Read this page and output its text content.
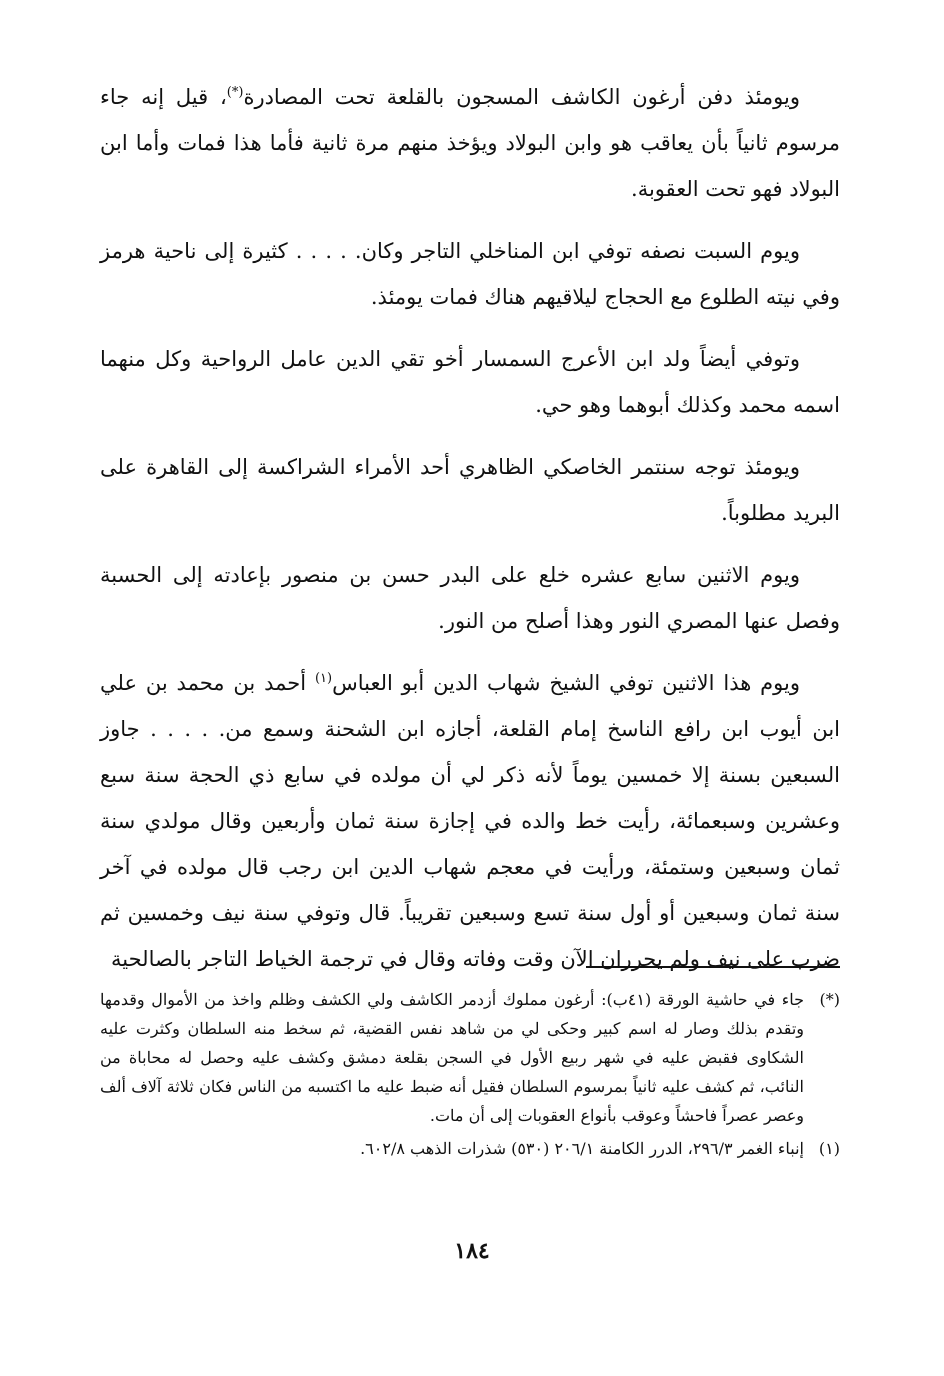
ويومئذ دفن أرغون الكاشف المسجون بالقلعة تحت المصادرة(*)، قيل إنه جاء مرسوم ثانياً بأن يعاقب هو وابن البولاد ويؤخذ منهم مرة ثانية فأما هذا فمات وأما ابن البولاد فهو تحت العقوبة.

ويوم السبت نصفه توفي ابن المناخلي التاجر وكان. . . . . كثيرة إلى ناحية هرمز وفي نيته الطلوع مع الحجاج ليلاقيهم هناك فمات يومئذ.

وتوفي أيضاً ولد ابن الأعرج السمسار أخو تقي الدين عامل الرواحية وكل منهما اسمه محمد وكذلك أبوهما وهو حي.

ويومئذ توجه سنتمر الخاصكي الظاهري أحد الأمراء الشراكسة إلى القاهرة على البريد مطلوباً.

ويوم الاثنين سابع عشره خلع على البدر حسن بن منصور بإعادته إلى الحسبة وفصل عنها المصري النور وهذا أصلح من النور.

ويوم هذا الاثنين توفي الشيخ شهاب الدين أبو العباس$^{(١)}$ أحمد بن محمد بن علي ابن أيوب ابن رافع الناسخ إمام القلعة، أجازه ابن الشحنة وسمع من. . . . . جاوز السبعين بسنة إلا خمسين يوماً لأنه ذكر لي أن مولده في سابع ذي الحجة سنة سبع وعشرين وسبعمائة، رأيت خط والده في إجازة سنة ثمان وأربعين وقال مولدي سنة ثمان وسبعين وستمئة، ورأيت في معجم شهاب الدين ابن رجب قال مولده في آخر سنة ثمان وسبعين أو أول سنة تسع وسبعين تقريباً. قال وتوفي سنة نيف وخمسين ثم ضرب على نيف ولم يحرران الآن وقت وفاته وقال في ترجمة الخياط التاجر بالصالحية

(*)
جاء في حاشية الورقة (٤١ب): أرغون مملوك أزدمر الكاشف ولي الكشف وظلم واخذ من الأموال وقدمها وتقدم بذلك وصار له اسم كبير وحكى لي من شاهد نفس القضية، ثم سخط منه السلطان وكثرت عليه الشكاوى فقبض عليه في شهر ربيع الأول في السجن بقلعة دمشق وكشف عليه وحصل له محاباة من النائب، ثم كشف عليه ثانياً بمرسوم السلطان فقيل أنه ضبط عليه ما اكتسبه من الناس فكان ثلاثة آلاف ألف وعصر عصراً فاحشاً وعوقب بأنواع العقوبات إلى أن مات.

(١)
إنباء الغمر ٢٩٦/٣، الدرر الكامنة ٢٠٦/١ (٥٣٠) شذرات الذهب ٦٠٢/٨.

١٨٤
